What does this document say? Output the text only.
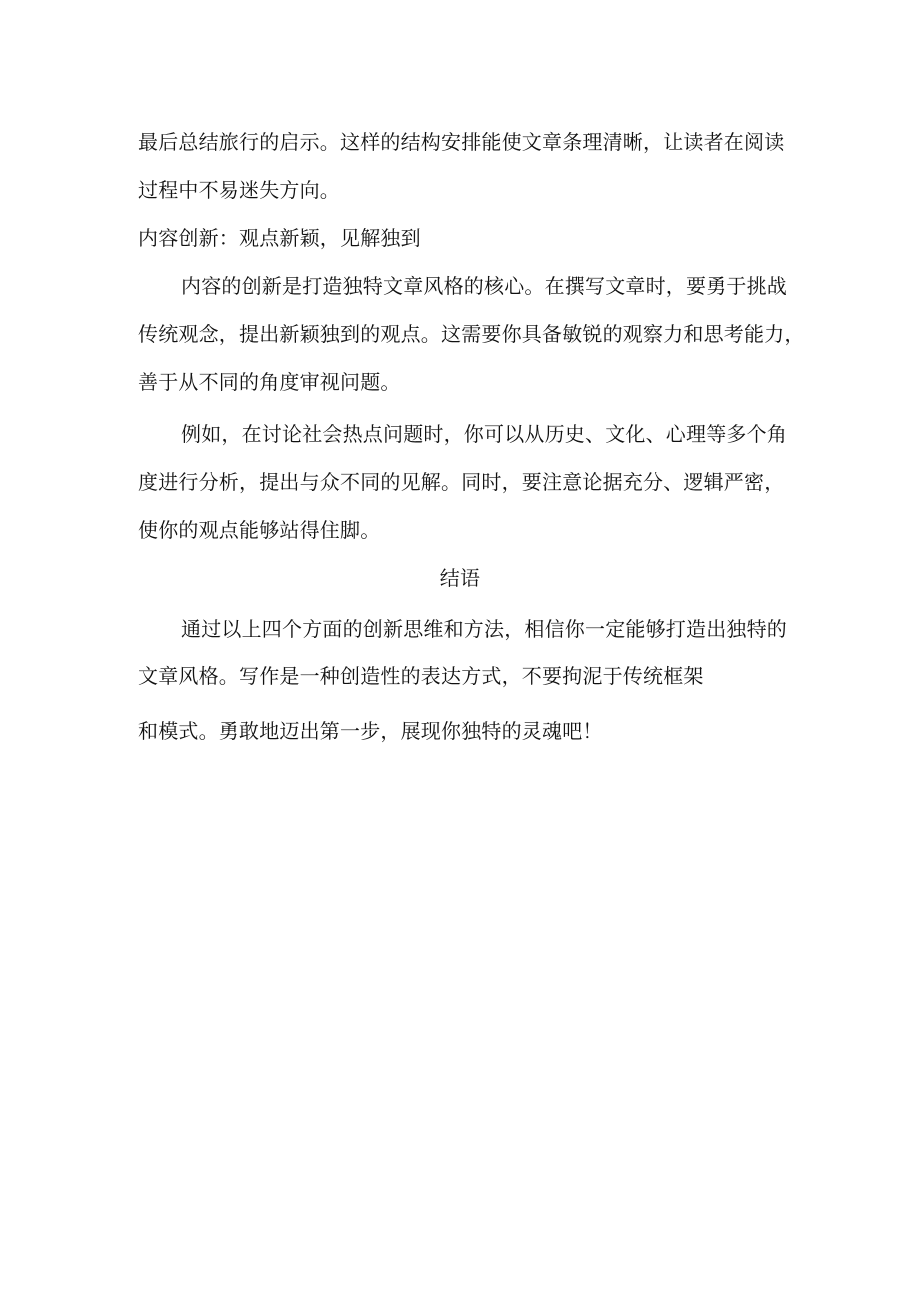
最后总结旅行的启示。这样的结构安排能使文章条理清晰，让读者在阅读
过程中不易迷失方向。
内容创新：观点新颖，见解独到
内容的创新是打造独特文章风格的核心。在撰写文章时，要勇于挑战
传统观念，提出新颖独到的观点。这需要你具备敏锐的观察力和思考能力，
善于从不同的角度审视问题。
例如，在讨论社会热点问题时，你可以从历史、文化、心理等多个角
度进行分析，提出与众不同的见解。同时，要注意论据充分、逻辑严密，
使你的观点能够站得住脚。
结语
通过以上四个方面的创新思维和方法，相信你一定能够打造出独特的
文章风格。写作是一种创造性的表达方式，不要拘泥于传统框架
和模式。勇敢地迈出第一步，展现你独特的灵魂吧！
